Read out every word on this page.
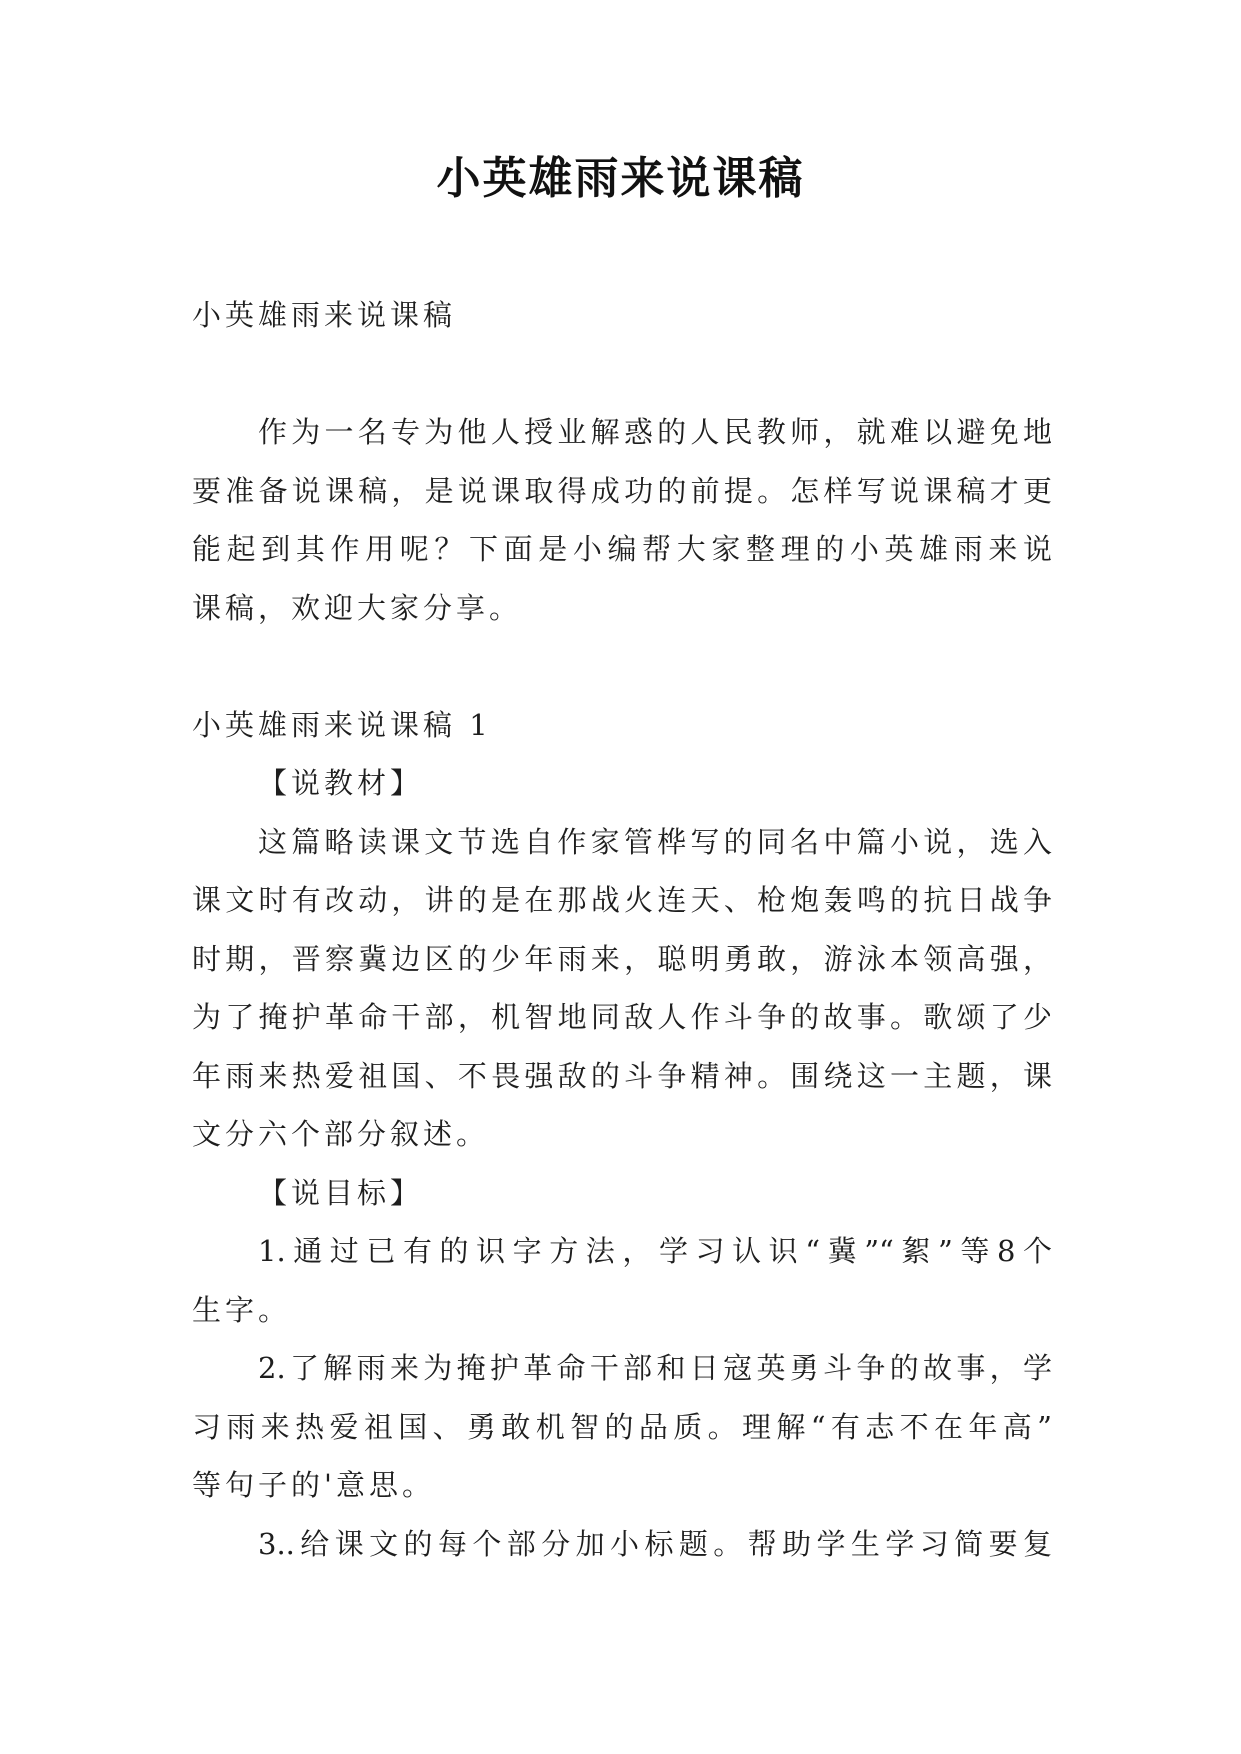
小英雄雨来说课稿
小英雄雨来说课稿
作为一名专为他人授业解惑的人民教师，就难以避免地
要准备说课稿，是说课取得成功的前提。怎样写说课稿才更
能起到其作用呢？下面是小编帮大家整理的小英雄雨来说
课稿，欢迎大家分享。
小英雄雨来说课稿 1
【说教材】
这篇略读课文节选自作家管桦写的同名中篇小说，选入
课文时有改动，讲的是在那战火连天、枪炮轰鸣的抗日战争
时期，晋察冀边区的少年雨来，聪明勇敢，游泳本领高强，
为了掩护革命干部，机智地同敌人作斗争的故事。歌颂了少
年雨来热爱祖国、不畏强敌的斗争精神。围绕这一主题，课
文分六个部分叙述。
【说目标】
1.通过已有的识字方法，学习认识“冀”“絮”等8个
生字。
2.了解雨来为掩护革命干部和日寇英勇斗争的故事，学
习雨来热爱祖国、勇敢机智的品质。理解“有志不在年高”
等句子的'意思。
3..给课文的每个部分加小标题。帮助学生学习简要复
